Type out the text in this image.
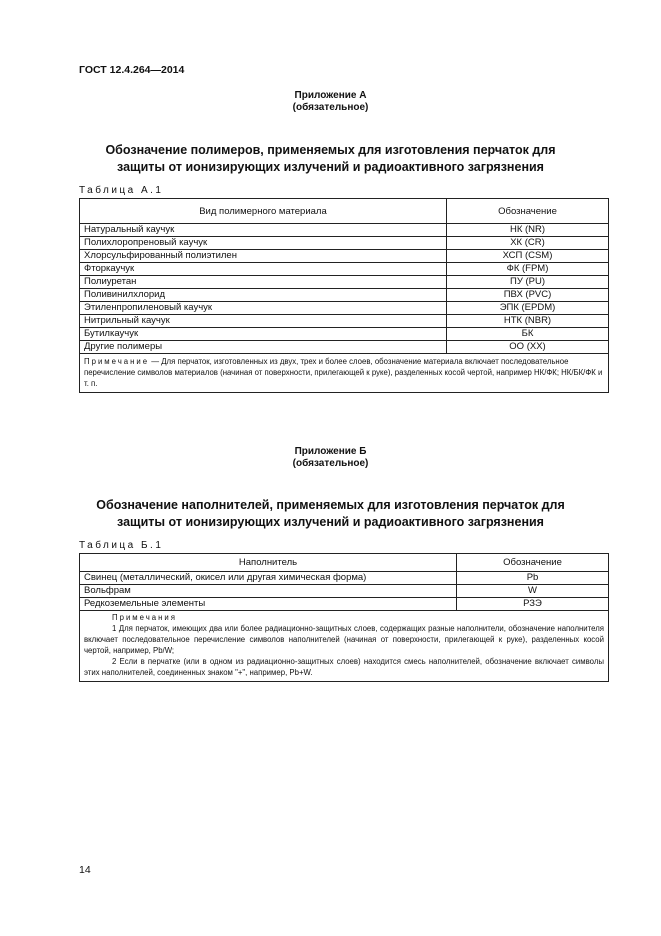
ГОСТ 12.4.264—2014
Приложение А
(обязательное)
Обозначение полимеров, применяемых для изготовления перчаток для
защиты от ионизирующих излучений и радиоактивного загрязнения
Таблица А.1
Вид полимерного материала	Обозначение
Натуральный каучук	НК (NR)
Полихлоропреновый каучук	ХК (CR)
Хлорсульфированный полиэтилен	ХСП (CSM)
Фторкаучук	ФК (FPM)
Полиуретан	ПУ (PU)
Поливинилхлорид	ПВХ (PVC)
Этиленпропиленовый каучук	ЭПК (EPDM)
Нитрильный каучук	НТК (NBR)
Бутилкаучук	БК
Другие полимеры	ОО (XX)
Примечание — Для перчаток, изготовленных из двух, трех и более слоев, обозначение материала включает последовательное перечисление символов материалов (начиная от поверхности, прилегающей к руке), разделенных косой чертой, например НК/ФК; НК/БК/ФК и т. п.	
Приложение Б
(обязательное)
Обозначение наполнителей, применяемых для изготовления перчаток для
защиты от ионизирующих излучений и радиоактивного загрязнения
Таблица Б.1
Наполнитель	Обозначение
Свинец (металлический, окисел или другая химическая форма)	Pb
Вольфрам	W
Редкоземельные элементы	РЗЭ

Примечания
1 Для перчаток, имеющих два или более радиационно-защитных слоев, содержащих разные наполнители, обозначение наполнителя включает последовательное перечисление символов наполнителей (начиная от поверхности, прилегающей к руке), разделенных косой чертой, например, Pb/W;
2 Если в перчатке (или в одном из радиационно-защитных слоев) находится смесь наполнителей, обозначение включает символы этих наполнителей, соединенных знаком "+", например, Pb+W.	
14
